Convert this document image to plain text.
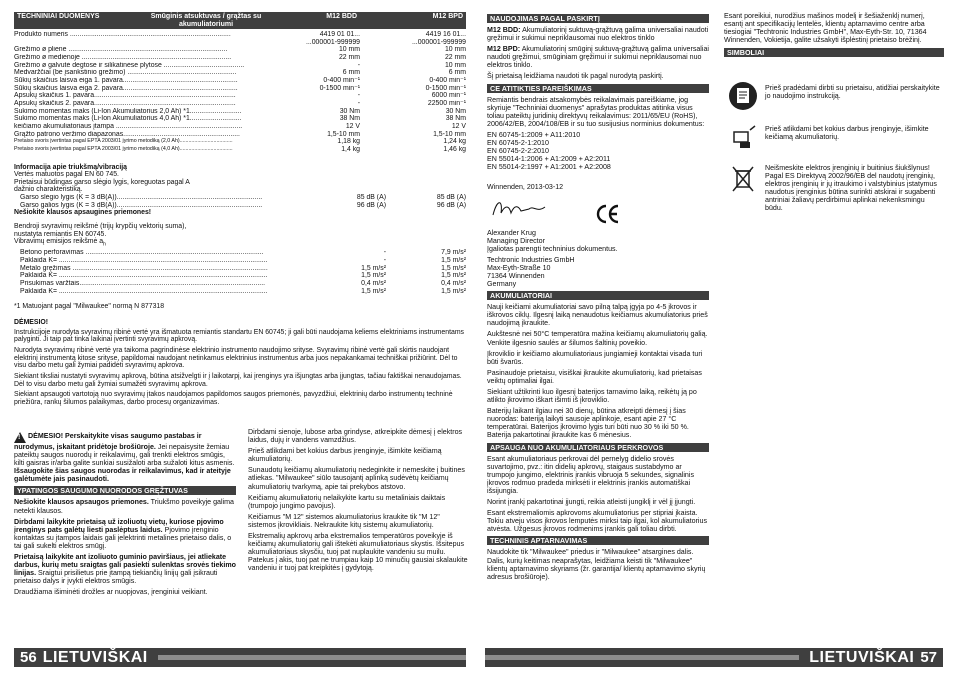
TECHNINIAI DUOMENYS	Smūginis atsuktuvas / grąžtas su akumuliatoriumi
M12 BDD	M12 BPD
Produkto numeris ....................................................................................	4419 01 01...	4419 16 01...
...000001-999999	...000001-999999
Grežimo ø pliene ...................................................................................	10 mm	10 mm
Grežimo ø medienoje ..............................................................................	22 mm	22 mm
Grežimo ø galvutė degtose ir silikatinėse plytose ..........................................	-	10 mm
Medvaržčiai (be įsankstinio grežimo) .........................................................	6 mm	6 mm
Sūkių skaičius laisva eiga 1. pavara............................................................	0-400 min⁻¹	0-400 min⁻¹
Sūkių skaičius laisva eiga 2. pavara............................................................	0-1500 min⁻¹	0-1500 min⁻¹
Apsukų skaičius 1. pavara..........................................................................	-	6000 min⁻¹
Apsukų skaičius 2. pavara..........................................................................	-	22500 min⁻¹
Sukimo momentas maks (Li-Ion Akumuliatorius 2,0 Ah) *1...........................	30 Nm	30 Nm
Sukimo momentas maks (Li-Ion Akumuliatorius 4,0 Ah) *1...........................	38 Nm	38 Nm
keičiamo akumuliatoriaus įtampa ..................................................................	12 V	12 V
Grąžto patrono veržimo diapazonas.............................................................	1,5-10 mm	1,5-10 mm
Pretaiso svoris įvertintas pagal EPTA 2003/01 įyrimo metodiką (2,0 Ah)....................................	1,18 kg	1,24 kg
Pretaiso svoris įvertintas pagal EPTA 2003/01 įyrimo metodiką (4,0 Ah)....................................	1,4 kg	1,46 kg

Informacija apie triukšmą/vibraciją

Vertės matuotos pagal EN 60 745.
Prietaisui būdingas garso slėgio lygis, koreguotas pagal A
dažnio charakteristiką.
Garso slėgio lygis (K = 3 dB(A))............................................................................	85 dB (A)	85 dB (A)
Garso galios lygis (K = 3 dB(A))............................................................................	96 dB (A)	96 dB (A)
Nešiokite klausos apsaugines priemones!
Bendroji svyravimų reikšmė (trijų krypčių vektorių suma),
nustatyta remiantis EN 60745.
Vibravimų emisijos reikšmė $a_h$
Betono perforavimas .............................................................................................	-	7,9 m/s²
Paklaida K= .............................................................................................................	-	1,5 m/s²
Metalo gręžimas ......................................................................................................	1,5 m/s²	1,5 m/s²
Paklaida K= .............................................................................................................	1,5 m/s²	1,5 m/s²
Prisukimas varžtais.................................................................................................	0,4 m/s²	0,4 m/s²
Paklaida K= .............................................................................................................	1,5 m/s²	1,5 m/s²
*1 Matuojant pagal "Milwaukee" normą N 877318
DĖMESIO!

Instrukcijoje nurodyta svyravimų ribinė vertė yra išmatuota remiantis standartu EN 60745; ji gali būti naudojama keliems elektriniams instrumentams palyginti. Ji taip pat tinka laikinai įvertinti svyravimų apkrovą.

Nurodyta svyravimų ribinė vertė yra taikoma pagrindinėse elektrinio instrumento naudojimo srityse. Svyravimų ribinė vertė gali skirtis naudojant elektrinį instrumentą kitose srityse, papildomai naudojant netinkamus elektrinius instrumentus arba juos nepakankamai techniškai prižiūrint. Dėl to visu darbo metu gali žymiai padidėti svyravimų apkrova.

Siekiant tiksliai nustatyti svyravimų apkrovą, būtina atsižvelgti ir į laikotarpį, kai įrenginys yra išjungtas arba įjungtas, tačiau faktiškai nenaudojamas. Dėl to visu darbo metu gali žymiai sumažėti svyravimų apkrova.

Siekiant apsaugoti vartotoją nuo svyravimų įtakos naudojamos papildomos saugos priemonės, pavyzdžiui, elektrinių darbo instrumentų techninė priežiūra, rankų šilumos palaikymas, darbo procesų organizavimas.

!DĖMESIO! Perskaitykite visas saugumo pastabas ir nurodymus, įskaitant pridėtoje brošiūroje. Jei nepaisysite žemiau pateiktų saugos nuorodų ir reikalavimų, gali trenkti elektros smūgis, kilti gaisras ir/arba galite sunkiai susižaloti arba sužaloti kitus asmenis.
Išsaugokite šias saugos nuorodas ir reikalavimus, kad ir ateityje galėtumėte jais pasinaudoti.

YPATINGOS SAUGUMO NUORODOS GRĘŽTUVAS

Nešiokite klausos apsaugos priemones. Triukšmo poveikyje galima netekti klausos.

Dirbdami laikykite prietaisą už izoliuotų vietų, kuriose pjovimo įrenginys pats galėtų liesti paslėptus laidus. Pjovimo įrenginio kontaktas su įtampos laidais gali įelektrinti metalines prietaiso dalis, o tai gali sukelti elektros smūgį.

Prietaisą laikykite ant izoliuoto guminio paviršiaus, jei atliekate darbus, kurių metu sraigtas gali pasiekti sulenktas srovės tiekimo linijas. Sraigtui prisilietus prie įtampą tiekiančių linijų gali įsikrauti prietaiso dalys ir įvykti elektros smūgis.

Draudžiama išiminėti drožles ar nuopjovas, įrenginiui veikiant.

Dirbdami sienoje, lubose arba grindyse, atkreipkite dėmesį į elektros laidus, dujų ir vandens vamzdžius.

Prieš atlikdami bet kokius darbus įrenginyje, išimkite keičiamą akumuliatorių.

Sunaudotų keičiamų akumuliatorių nedeginkite ir nemeskite į buitines atliekas. "Milwaukee" siūlo tausojantį aplinką sudėvėtų keičiamų akumuliatorių tvarkymą, apie tai prekybos atstovo.

Keičiamų akumuliatorių nelaikykite kartu su metaliniais daiktais (trumpojo jungimo pavojus).

Keičiamus "M 12" sistemos akumuliatorius kraukite tik "M 12" sistemos įkrovikliais. Nekraukite kitų sistemų akumuliatorių.

Ekstremalių apkrovų arba ekstremalios temperatūros poveikyje iš keičiamų akumuliatorių gali ištekėti akumuliatoriaus skystis. Išsitepus akumuliatoriaus skysčiu, tuoj pat nuplaukite vandeniu su muilu. Patekus į akis, tuoj pat ne trumpiau kaip 10 minučių gausiai skalaukite vandeniu ir tuoj pat kreipkitės į gydytoją.

56 LIETUVIŠKAI
NAUDOJIMAS PAGAL PASKIRTĮ

M12 BDD: Akumuliatorinį suktuvą-grąžtuvą galima universaliai naudoti gręžimui ir sukimui nepriklausomai nuo elektros tinklo

M12 BPD: Akumuliatorinį smūginį suktuvą-grąžtuvą galima universaliai naudoti gręžimui, smūginiam gręžimui ir sukimui nepriklausomai nuo elektros tinklo.

Šį prietaisą leidžiama naudoti tik pagal nurodytą paskirtį.

CE ATITIKTIES PAREIŠKIMAS

Remiantis bendrais atsakomybės reikalavimais pareiškiame, jog skyriuje "Techniniai duomenys" aprašytas produktas atitinka visus toliau pateiktų juridinių direktyvų reikalavimus: 2011/65/EU (RoHS), 2006/42/EB, 2004/108/EB ir su tuo susijusius norminius dokumentus:

EN 60745-1:2009 + A11:2010
EN 60745-2-1:2010
EN 60745-2-2:2010
EN 55014-1:2006 + A1:2009 + A2:2011
EN 55014-2:1997 + A1:2001 + A2:2008

Winnenden, 2013-03-12

Alexander Krug
Managing Director
Įgaliotas parengti techninius dokumentus.
Techtronic Industries GmbH
Max-Eyth-Straße 10
71364 Winnenden
Germany
AKUMULIATORIAI

Nauji keičiami akumuliatoriai savo pilną talpą įgyja po 4-5 įkrovos ir iškrovos ciklų. Ilgesnį laiką nenaudotus keičiamus akumuliatorius prieš naudojimą įkraukite.

Aukštesnė nei 50°C temperatūra mažina keičiamų akumuliatorių galią. Venkite ilgesnio saulės ar šilumos šaltinių poveikio.

Įkroviklio ir keičiamo akumuliatoriaus jungiamieji kontaktai visada turi būti švarūs.

Pasinaudoje prietaisu, visiškai įkraukite akumuliatorių, kad prietaisas veiktų optimaliai ilgai.

Siekiant užtikrinti kuo ilgesnį baterijos tarnavimo laiką, reikėtų ją po atlikto įkrovimo iškart išimti iš įkroviklio.

Baterijų laikant ilgiau nei 30 dienų, būtina atkreipti dėmesį į šias nuorodas: bateriją laikyti sausoje aplinkoje, esant apie 27 °C temperatūrai. Baterijos įkrovimo lygis turi būti nuo 30 % iki 50 %. Baterija pakartotinai įkraukite kas 6 mėnesius.

APSAUGA NUO AKUMULIATORIAUS PERKROVOS

Esant akumuliatoriaus perkrovai dėl pernelyg didelio srovės suvartojimo, pvz.: itin didelių apkrovų, staigaus sustabdymo ar trumpojo jungimo, elektrinis įrankis vibruoja 5 sekundes, signalinis įkrovos rodmuo pradeda mirksėti ir elektrinis įrankis automatiškai išsijungia.

Norint įrankį pakartotinai įjungti, reikia atleisti jungiklį ir vėl jį įjungti.

Esant ekstremaliomis apkrovoms akumuliatorius per stipriai įkaista. Tokiu atveju visos įkrovos lemputės mirksi taip ilgai, kol akumuliatorius atvėsta. Užgesus įkrovos rodmenims įrankis gali toliau dirbti.

TECHNINIS APTARNAVIMAS

Naudokite tik "Milwaukee" priedus ir "Milwaukee" atsargines dalis. Dalis, kurių keitimas neaprašytas, leidžiama keisti tik "Milwaukee" klientų aptarnavimo skyriams (žr. garantija/ klientų aptarnavimo skyrių adresus brošiūroje).

Esant poreikiui, nurodžius mašinos modelį ir šešiaženklį numerį, esantį ant specifikacijų lentelės, klientų aptarnavimo centre arba tiesiogiai "Techtronic Industries GmbH", Max-Eyth-Str. 10, 71364 Winnenden, Vokietija, galite užsakyti išplėstinį prietaiso brėžinį.

SIMBOLIAI
Prieš pradėdami dirbti su prietaisu, atidžiai perskaitykite jo naudojimo instrukciją.
Prieš atlikdami bet kokius darbus įrenginyje, išimkite keičiamą akumuliatorių.
Neišmeskite elektros įrenginių ir buitinius šiukšlynus! Pagal ES Direktyvą 2002/96/EB del naudotų įrenginių, elektros įrenginių ir jų itraukimo i valstybinius įstatymus naudotus įrenginius būtina surinkti atskirai ir sugabenti antriniai žaliavų perdirbimui aplinkai nekenksmingu būdu.
LIETUVIŠKAI 57
